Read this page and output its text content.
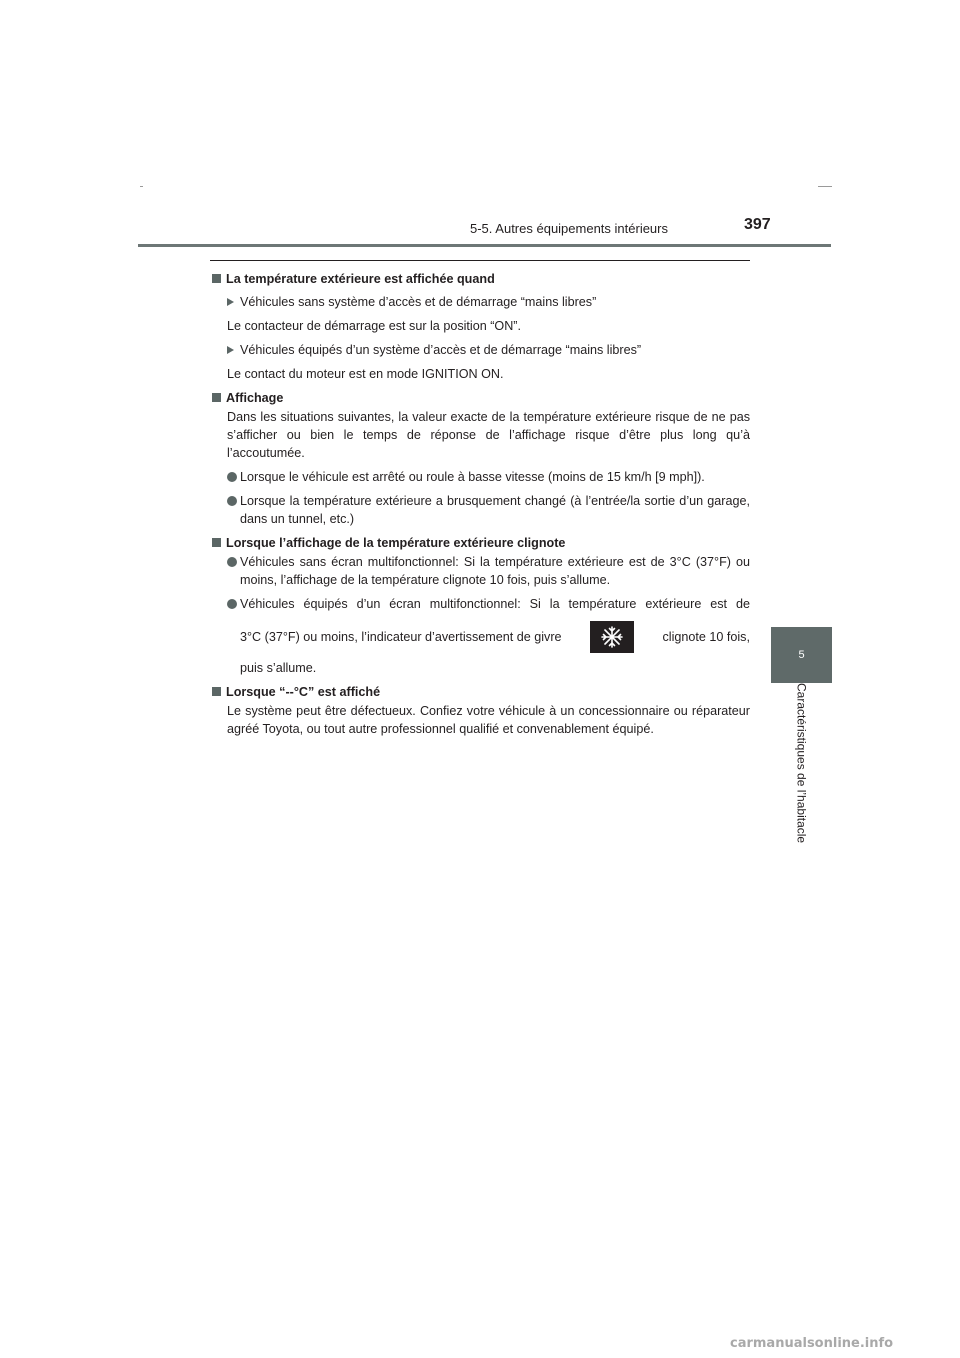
5-5. Autres équipements intérieurs	397
5
Caractéristiques de l’habitacle

La température extérieure est affichée quand

Véhicules sans système d’accès et de démarrage “mains libres”

Le contacteur de démarrage est sur la position “ON”.

Véhicules équipés d’un système d’accès et de démarrage “mains libres”

Le contact du moteur est en mode IGNITION ON.

Affichage

Dans les situations suivantes, la valeur exacte de la température extérieure risque de ne pas s’afficher ou bien le temps de réponse de l’affichage risque d’être plus long qu’à l’accoutumée.

Lorsque le véhicule est arrêté ou roule à basse vitesse (moins de 15 km/h [9 mph]).
Lorsque la température extérieure a brusquement changé (à l’entrée/la sortie d’un garage, dans un tunnel, etc.)

Lorsque l’affichage de la température extérieure clignote

Véhicules sans écran multifonctionnel: Si la température extérieure est de 3°C (37°F) ou moins, l’affichage de la température clignote 10 fois, puis s’allume.
Véhicules équipés d’un écran multifonctionnel: Si la température extérieure est de
3°C (37°F) ou moins, l’indicateur d’avertissement de givre	clignote 10 fois,
puis s’allume.

Lorsque “--°C” est affiché

Le système peut être défectueux. Confiez votre véhicule à un concessionnaire ou réparateur agréé Toyota, ou tout autre professionnel qualifié et convenablement équipé.

carmanualsonline.info
